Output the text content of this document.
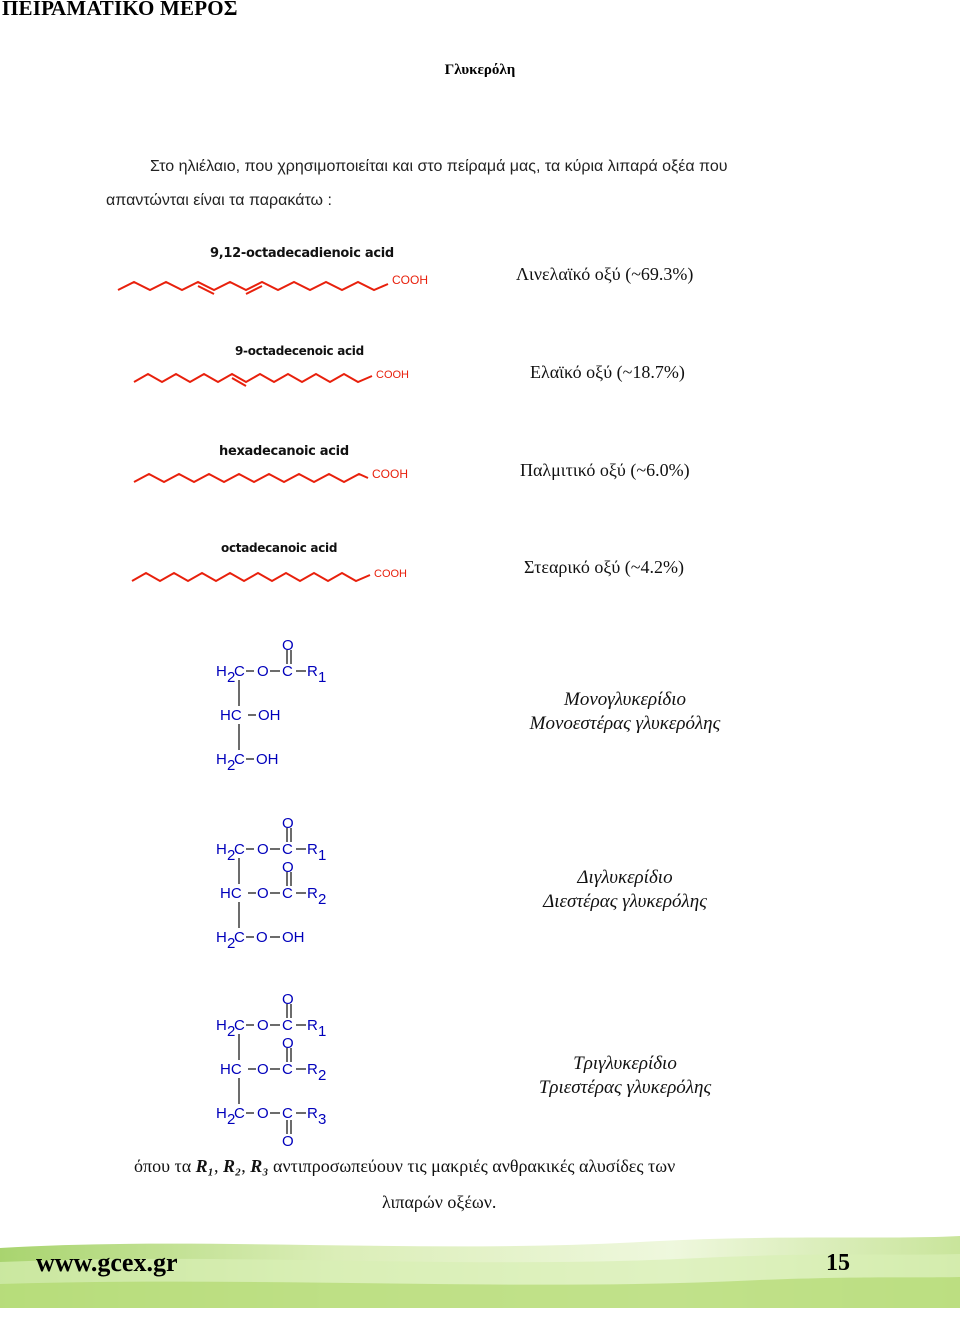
ΠΕΙΡΑΜΑΤΙΚΟ ΜΕΡΟΣ
Γλυκερόλη
Στο ηλιέλαιο, που χρησιμοποιείται και στο πείραμά μας, τα κύρια λιπαρά οξέα που
απαντώνται είναι τα παρακάτω :
9,12-octadecadienoic acid
COOH	Λινελαϊκό οξύ (~69.3%)
9-octadecenoic acid
COOH	Ελαϊκό οξύ (~18.7%)
hexadecanoic acid
COOH	Παλμιτικό οξύ (~6.0%)
octadecanoic acid
COOH	Στεαρικό οξύ (~4.2%)
O
H 2
C O C R 1
HC OH
H 2
C OH
Μονογλυκερίδιο
Μονοεστέρας γλυκερόλης
O
H 2
C O C R 1
O
HC O C R 2
H 2
C O OH
Διγλυκερίδιο
Διεστέρας γλυκερόλης
O
H 2
C O C R 1
O
HC O C R 2
H 2
C O C R 3
O
Τριγλυκερίδιο
Τριεστέρας γλυκερόλης
όπου τα R₁, R₂, R₃ αντιπροσωπεύουν τις μακριές ανθρακικές αλυσίδες των
λιπαρών οξέων.
www.gcex.gr	15
